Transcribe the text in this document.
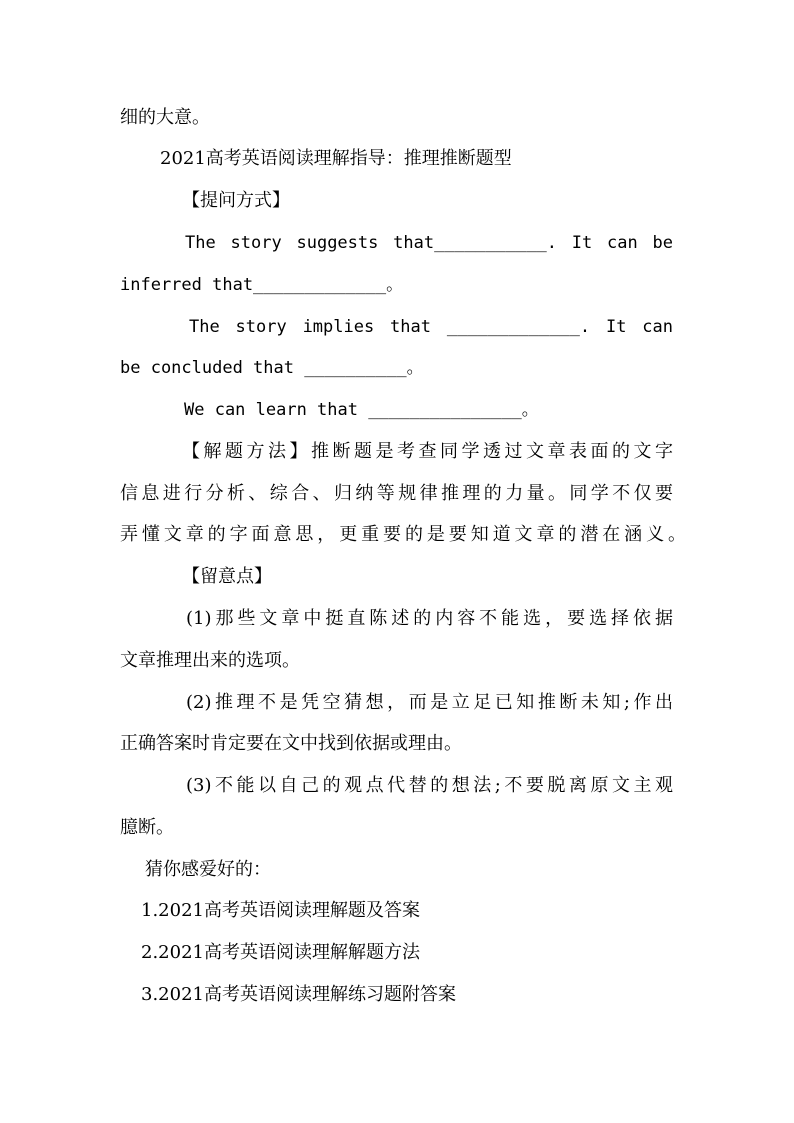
细的大意。
2021高考英语阅读理解指导：推理推断题型
【提问方式】
The story suggests that___________. It can be
inferred that_____________。
The story implies that _____________. It can
be concluded that __________。
We can learn that _______________。
【解题方法】推断题是考查同学透过文章表面的文字
信息进行分析、综合、归纳等规律推理的力量。同学不仅要
弄懂文章的字面意思，更重要的是要知道文章的潜在涵义。
【留意点】
(1)那些文章中挺直陈述的内容不能选，要选择依据
文章推理出来的选项。
(2)推理不是凭空猜想，而是立足已知推断未知;作出
正确答案时肯定要在文中找到依据或理由。
(3)不能以自己的观点代替的想法;不要脱离原文主观
臆断。
猜你感爱好的：
1.2021高考英语阅读理解题及答案
2.2021高考英语阅读理解解题方法
3.2021高考英语阅读理解练习题附答案
